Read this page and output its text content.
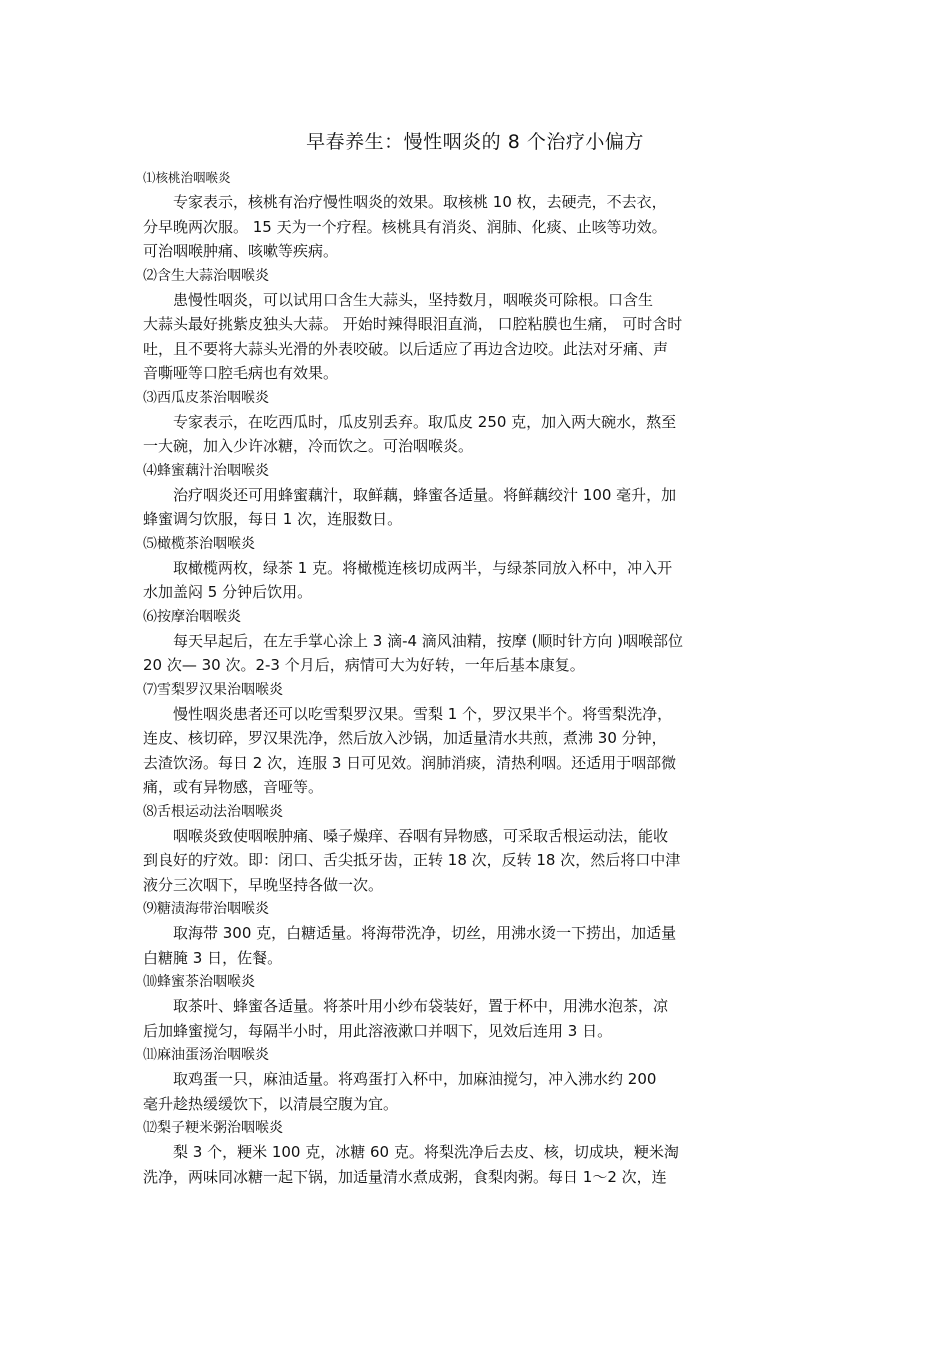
早春养生：慢性咽炎的 8 个治疗小偏方
⑴核桃治咽喉炎
专家表示，核桃有治疗慢性咽炎的效果。取核桃 10 枚，去硬壳，不去衣，
分早晚两次服。 15 天为一个疗程。核桃具有消炎、润肺、化痰、止咳等功效。
可治咽喉肿痛、咳嗽等疾病。
⑵含生大蒜治咽喉炎
患慢性咽炎，可以试用口含生大蒜头，坚持数月，咽喉炎可除根。口含生
大蒜头最好挑紫皮独头大蒜。 开始时辣得眼泪直淌， 口腔粘膜也生痛， 可时含时
吐，且不要将大蒜头光滑的外表咬破。以后适应了再边含边咬。此法对牙痛、声
音嘶哑等口腔毛病也有效果。
⑶西瓜皮茶治咽喉炎
专家表示，在吃西瓜时，瓜皮别丢弃。取瓜皮 250 克，加入两大碗水，熬至
一大碗，加入少许冰糖，冷而饮之。可治咽喉炎。
⑷蜂蜜藕汁治咽喉炎
治疗咽炎还可用蜂蜜藕汁，取鲜藕，蜂蜜各适量。将鲜藕绞汁 100 毫升，加
蜂蜜调匀饮服，每日 1 次，连服数日。
⑸橄榄茶治咽喉炎
取橄榄两枚，绿茶 1 克。将橄榄连核切成两半，与绿茶同放入杯中，冲入开
水加盖闷 5 分钟后饮用。
⑹按摩治咽喉炎
每天早起后，在左手掌心涂上 3 滴-4 滴风油精，按摩 (顺时针方向 )咽喉部位
20 次— 30 次。2-3 个月后，病情可大为好转，一年后基本康复。
⑺雪梨罗汉果治咽喉炎
慢性咽炎患者还可以吃雪梨罗汉果。雪梨 1 个，罗汉果半个。将雪梨洗净，
连皮、核切碎，罗汉果洗净，然后放入沙锅，加适量清水共煎，煮沸 30 分钟，
去渣饮汤。每日 2 次，连服 3 日可见效。润肺消痰，清热利咽。还适用于咽部微
痛，或有异物感，音哑等。
⑻舌根运动法治咽喉炎
咽喉炎致使咽喉肿痛、嗓子燥痒、吞咽有异物感，可采取舌根运动法，能收
到良好的疗效。即：闭口、舌尖抵牙齿，正转 18 次，反转 18 次，然后将口中津
液分三次咽下，早晚坚持各做一次。
⑼糖渍海带治咽喉炎
取海带 300 克，白糖适量。将海带洗净，切丝，用沸水烫一下捞出，加适量
白糖腌 3 日，佐餐。
⑽蜂蜜茶治咽喉炎
取茶叶、蜂蜜各适量。将茶叶用小纱布袋装好，置于杯中，用沸水泡茶，凉
后加蜂蜜搅匀，每隔半小时，用此溶液漱口并咽下，见效后连用 3 日。
⑾麻油蛋汤治咽喉炎
取鸡蛋一只，麻油适量。将鸡蛋打入杯中，加麻油搅匀，冲入沸水约 200
毫升趁热缓缓饮下，以清晨空腹为宜。
⑿梨子粳米粥治咽喉炎
梨 3 个，粳米 100 克，冰糖 60 克。将梨洗净后去皮、核，切成块，粳米淘
洗净，两味同冰糖一起下锅，加适量清水煮成粥，食梨肉粥。每日 1～2 次，连
